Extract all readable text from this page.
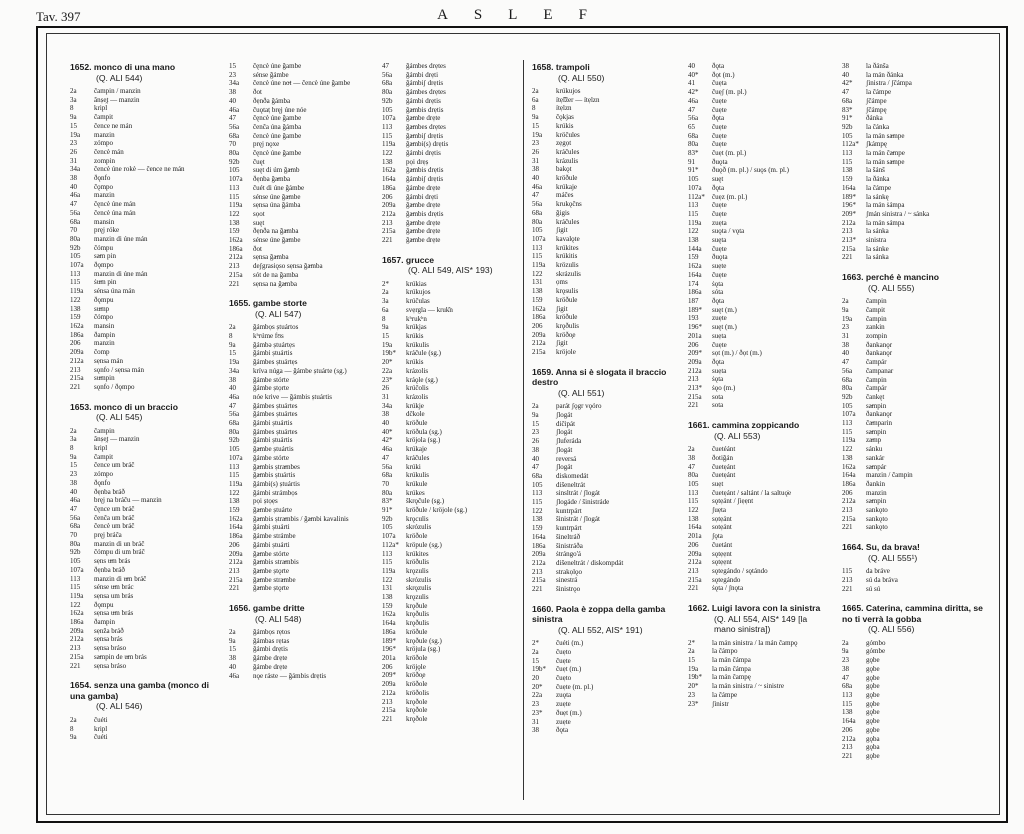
Tav. 397	ASLEF
1652. monco di una mano
(Q. ALI 544)
2a	čampin / manzin
3a	ânṣe̯ṭ — manzin
8	kripl
9a	čampit
15	čence ne mán
19a	manzin
23	zómpo
26	čencè mán
31	zompin
34a	čencè úne rokè — čence ne mán
38	ðǫnfo
40	čǫmpo
46a	manzin
47	čęncè úne mán
56a	čencè úna mán
68a	mansin
70	pręj róke
80a	manzin di úne mán
92b	čómpu
105	sa̶m pin
107a	ðǫmpo
113	manzin di úne mán
115	ṡu̶m pin
119a	sénsa úna mán
122	ðǫmpu
138	su̶mp
159	čómpo
162a	mansin
186a	ðampin
206	manzin
209a	čomp
212a	sẹnsa mán
213	sǫnfo / sẹnsa mán
215a	su̶mpin
221	sǫnfo / ðǫmpo
1653. monco di un braccio
(Q. ALI 545)
2a	čampin
3a	ânṣe̯ṭ — manzin
8	kripl
9a	čampit
15	čence um bráč
23	zómpo
38	ðǫnfo
40	ðẹnba bráð
46a	bręj na bráču — manzin
47	čęnce um bráč
56a	čenča um bráč
68a	čencè um bráč
70	pręj bráča
80a	manzin di un bráč
92b	čómpu di um bráč
105	sẹns u̶m brás
107a	ðẹnba bráð
113	manzin di u̶m bráč
115	sénse u̶m brác
119a	sẹnsa um brás
122	ðǫmpu
162a	sẹnsa u̶m brás
186a	ðampin
209a	sẹnža bráð
212a	sẹnsa brás
213	sẹnsa bráso
215a	sa̶mpin de u̶m brás
221	sẹnsa bráso
1654. senza una gamba (monco di una gamba)
(Q. ALI 546)
2a	čuéti
8	kripl
9a	čuéti
15	čęncè úne ğambe
23	sénse ğámbe
34a	čencè úne no̶t — čencè úne ğambe
38	ðot
40	ðẹnða ğámba
46a	čuǫtaṭ bręj úne nóe
47	čęncè úne ğambe
56a	čenča úna ğámba
68a	čencè úne ğambe
70	pręj nǫxe
80a	čęncè úne ğambe
92b	čuęt
105	suęt di úm ğa̶mb
107a	ðẹnba ğa̶mba
113	čuét di úne ğámbe
115	sénse úne ğa̶mbe
119a	sẹnsa úna ğámba
122	sọot
138	suęt
159	ðẹnða na ğa̶mba
162a	sénse úne ğa̶mbe
186a	ðot
212a	sẹnsa ğa̶mba
213	deʃgrasiǫso sẹnsa ğa̶mba
215a	sót de na ğamba
221	sẹnsa na ğa̶mba
1655. gambe storte
(Q. ALI 547)
2a	ğámbọs ṣtuártos
8	kʰrúme fʊs
9a	ğámbə ṣtuártẹs
15	ğámbi ṣtuártis
19a	ğámbes ṣtuártẹs
34a	kríva núga — ğámbe ṣtuárte (sg.)
38	ğámbe stórte
40	ğámbe ṣtọrte
46a	nóe krive — ğámbis ṣtuártis
47	ğámbes ṣtuártes
56a	ğámbes ṣtuártes
68a	ğámbi ṣtuártis
80a	ğámbes ṣtuártes
92b	ğámbi ṣtuártis
105	ğa̶mbe ṣtuártis
107a	ğámbe stórte
113	ğa̶mbis ṣtra̶mbes
115	ğa̶mbis ṣtuártis
119a	ğámbi(s) ṣtuártis
122	ğámbi strámbọs
138	pọi ṣtọẹs
159	ğa̶mbe ṣtuárte
162a	ğa̶mbis ṣtra̶mbis / ğa̶mbi kavalinis
164a	ğámbi ṣtuárti
186a	ğámbe strámbe
206	ğámbi ṣtuárti
209a	ğa̶mbe stórte
212a	ğa̶mbis stra̶mbis
213	ğa̶mbe ṣtǫrte
215a	ğa̶mbe stra̶mbe
221	ğa̶mbe ṣtǫrte
1656. gambe dritte
(Q. ALI 548)
2a	ğámbọs rẹtos
9a	ğámbas rẹtas
15	ğámbi drẹtis
38	ğámbe drẹte
40	ğámbe drẹte
46a	nǫe ráste — ğámbis drẹtis
47	ğámbes drẹtes
56a	ğámbi drẹti
68a	ğámbiʃ drẹtis
80a	ğámbes drẹtes
92b	ğámbi drẹtis
105	ğa̶mbis drẹtis
107a	ğa̶mbe drẹte
113	ğa̶mbes drẹtes
115	ğa̶mbiʃ drẹtis
119a	ğa̶mbi(s) drẹtis
122	ğámbi drẹtis
138	pọi drẹṣ
162a	ğa̶mbis drẹtis
164a	ğámbiʃ drẹtis
186a	ğámbe drẹte
206	ğámbi drẹti
209a	ğa̶mbe drẹte
212a	ğa̶mbis drẹtis
213	ğa̶mbe drẹte
215a	ğa̶mbe drẹte
221	ğa̶mbe drẹte
1657. grucce
(Q. ALI 549, AIS* 193)
2*	krúkias
2a	krúkujos
3a	krúčulas
6a	svẹrgla — kruk̑n
8	kʰrukʰn
9a	krúkjas
15	krúkis
19a	krúkulis
19b*	kráčule (sg.)
20*	krúkis
22a	krázolis
23*	kráǫle (sg.)
26	krúčolis
31	krázolis
34a	krúkje
38	dčkole
40	kröðule
40*	kröðula (sg.)
42*	kröjola (sg.)
46a	krúkaje
47	kráčules
56a	krúki
68a	krúkulis
70	krúkule
80a	krúkes
83*	škrǫčule (sg.)
91*	kröðule / kröjole (sg.)
92b	krǫculis
105	skrózulis
107a	kröðole
112a*	kröpule (sg.)
113	krúkites
115	kröðulis
119a	krǫzulis
122	skrózulis
131	skrǫzulis
138	krǫzulis
159	krǫðule
162a	krǫðulis
164a	krǫðulis
186a	kröðule
189*	krǫðule (sg.)
196*	kröjula (sg.)
201a	kröðole
206	kröjǫle
209*	kröðo̧e
209a	kröðole
212a	kröðolis
213	krǫðole
215a	krǫðole
221	krǫðole
1658. trampoli
(Q. ALI 550)
2a	krúkujos
6a	ítẹl̑žer — ítẹlzn
8	ítẹlzn
9a	čǫkjas
15	krúkis
19a	kröčules
23	zẹgọt
26	kráčules
31	krázulis
38	bakǫt
40	kröðule
46a	krúkaje
47	máčes
56a	krukǫčns
68a	ğigis
80a	kráčules
105	ʃigit
107a	kavalǫte
113	krúkites
115	krúkitis
119a	krözulis
122	skrázulis
131	ọms
138	krǫsulis
159	kröðule
162a	ʃigit
186a	kröðule
206	krǫðulis
209a	kröðo̧e
212a	ʃigit
215a	kröjole
1659. Anna si è slogata il braccio destro
(Q. ALI 551)
2a	parát ʃǫgr vǫóro
9a	ʃlogát
15	dičipát
23	ʃlogát
26	ʃluferáda
38	ʃlogát
40	reversá
47	ʃlogát
68a	diskomedát
105	dišeneltrát
113	sinsltrát / ʃlogát
115	ʃlogáde / šinistráde
122	kuntrpárt
138	šinistrát / ʃlogát
159	kuntrpárt
164a	šineltráð
186a	šinistráða
209a	ṡtrángo'á
212a	dišeneltrát / diskompdát
213	strakọlǫo
215a	sinestrá
221	šinistrǫo
1660. Paola è zoppa della gamba sinistra
(Q. ALI 552, AIS* 191)
2*	čuéti (m.)
2a	čuẹto
15	čuẹte
19b*	čuẹt (m.)
20	čuẹto
20*	čuẹte (m. pl.)
22a	zuǫta
23	zuẹte
23*	ðuẹt (m.)
31	zuẹte
38	ðǫta
40	ðǫta
40*	ðọt (m.)
41	čuẹta
42*	čuẹʃ (m. pl.)
46a	čuẹte
47	čuẹte
56a	ðǫta
65	čuẹte
68a	čuẹte
80a	čuẹte
83*	čuẹt (m. pl.)
91	ðuǫta
91*	ðuǫð (m. pl.) / suǫs (m. pl.)
105	suęt
107a	ðǫta
112a*	čuẹz (m. pl.)
113	čuẹte
115	čuẹte
119a	zuẹta
122	suǫta / vǫta
138	suęta
144a	čuẹte
159	ðuǫta
162a	suẹte
164a	čuẹte
174	ṡǫta
186a	sóta
187	ðǫta
189*	suęt (m.)
193	zuẹte
196*	suęt (m.)
201a	suẹta
206	čuẹte
209*	sọt (m.) / ðọt (m.)
209a	ðǫta
212a	suẹta
213	ṡǫta
213*	ṡǫo (m.)
215a	sota
221	sota
1661. cammina zoppicando
(Q. ALI 553)
2a	čuetéánt
38	ðotiğán
47	čuetẹánt
80a	čuetẹánt
105	suẹt
113	čuetẹánt / saltánt / la saltuǫ̇e
115	sǫtẹánt / ʃiẹẹnt
122	ʃuẹta
138	sọtẹánt
164a	sotẹánt
201a	ʃǫta
206	čuetánt
209a	sǫtẹẹnt
212a	sǫtẹẹnt
213	sǫtegándo / sǫtándo
215a	sǫtegándo
221	ṡǫta / ʃnǫta
1662. Luigi lavora con la sinistra
(Q. ALI 554, AIS* 149 [la mano sinistra])
2*	la mán sinistra / la mán čampǫ
2a	la čámpo
15	la mán čámpa
19a	la mán čámpa
19b*	la mán čampę
20*	la mán sinistra / ~ sinistre
23	la čámpe
23*	ʃinistr
38	la ðánša
40	la mán ðánka
42*	ʃinistra / ʃčámpa
47	la čámpe
68a	ʃčámpe
83*	ʃčámpę
91*	ðánka
92b	la čánka
105	la mán sa̶mpe
112a*	ʃkámpę
113	la mán ča̶mpe
115	la mán sa̶mpe
138	la šánš
159	la ðánka
164a	la čámpe
189*	la sánkę
196*	la mán ṡámpa
209*	ʃmán sinistra / ~ sánka
212a	la mán sámpa
213	la sánka
213*	sinistra
215a	la sánke
221	la sánka
1663. perché è mancino
(Q. ALI 555)
2a	čampin
9a	čampit
19a	čampin
23	zankin
31	zompin
38	ðankanǫr
40	ðankanǫr
47	čampár
56a	čampanar
68a	čampin
80a	čampár
92b	čankęt
105	sa̶mpin
107a	ðankanǫr
113	ča̶mparin
115	sa̶mpin
119a	za̶mp
122	sánku
138	sankár
162a	sa̶mpár
164a	manzin / čampin
186a	ðankin
206	manzin
212a	sa̶mpin
213	sankǫto
215a	sankǫto
221	sankǫto
1664. Su, da brava!
(Q. ALI 555¹)
115	da bráve
213	sú da bráva
221	sú sú
1665. Caterina, cammina diritta, se no ti verrà la gobba
(Q. ALI 556)
2a	gómbo
9a	gómbe
23	gǫbe
38	gǫbe
47	gǫbe
68a	gǫbe
113	gǫbe
115	gǫbe
138	gǫbe
164a	gǫbe
206	gǫbe
212a	gǫba
213	gǫba
221	gǫbe
